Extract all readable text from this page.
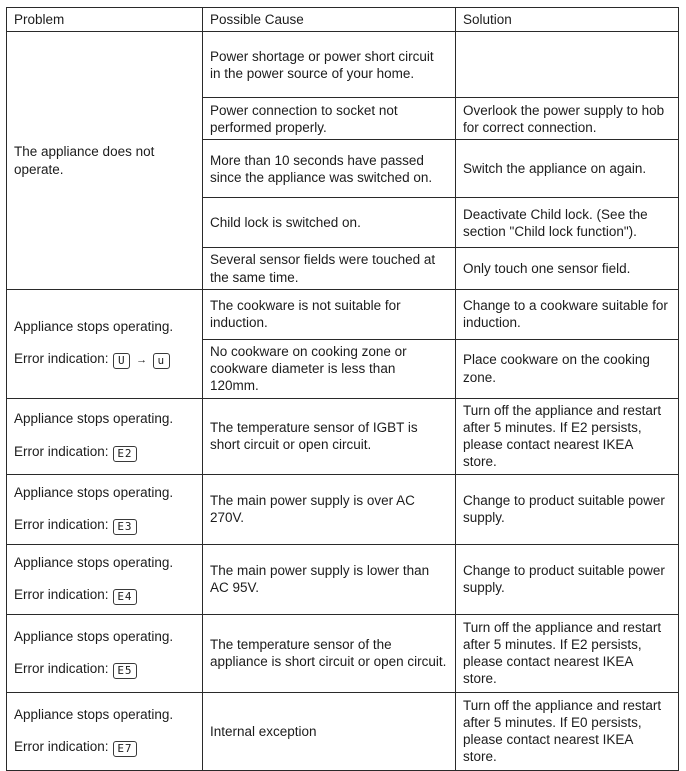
Problem	Possible Cause	Solution

The appliance does not operate.	Power shortage or power short circuit in the power source of your home.	
	Power connection to socket not performed properly.	Overlook the power supply to hob for correct connection.
	More than 10 seconds have passed since the appliance was switched on.	Switch the appliance on again.
	Child lock is switched on.	Deactivate Child lock. (See the section "Child lock function").
	Several sensor fields were touched at the same time.	Only touch one sensor field.

Appliance stops operating.
Error indication: U → u	The cookware is not suitable for induction.	Change to a cookware suitable for induction.
	No cookware on cooking zone or cookware diameter is less than 120mm.	Place cookware on the cooking zone.

Appliance stops operating.
Error indication: E2	The temperature sensor of IGBT is short circuit or open circuit.	Turn off the appliance and restart after 5 minutes. If E2 persists, please contact nearest IKEA store.

Appliance stops operating.
Error indication: E3	The main power supply is over AC 270V.	Change to product suitable power supply.

Appliance stops operating.
Error indication: E4	The main power supply is lower than AC 95V.	Change to product suitable power supply.

Appliance stops operating.
Error indication: E5	The temperature sensor of the appliance is short circuit or open circuit.	Turn off the appliance and restart after 5 minutes. If E2 persists, please contact nearest IKEA store.

Appliance stops operating.
Error indication: E7	Internal exception	Turn off the appliance and restart after 5 minutes. If E0 persists, please contact nearest IKEA store.
